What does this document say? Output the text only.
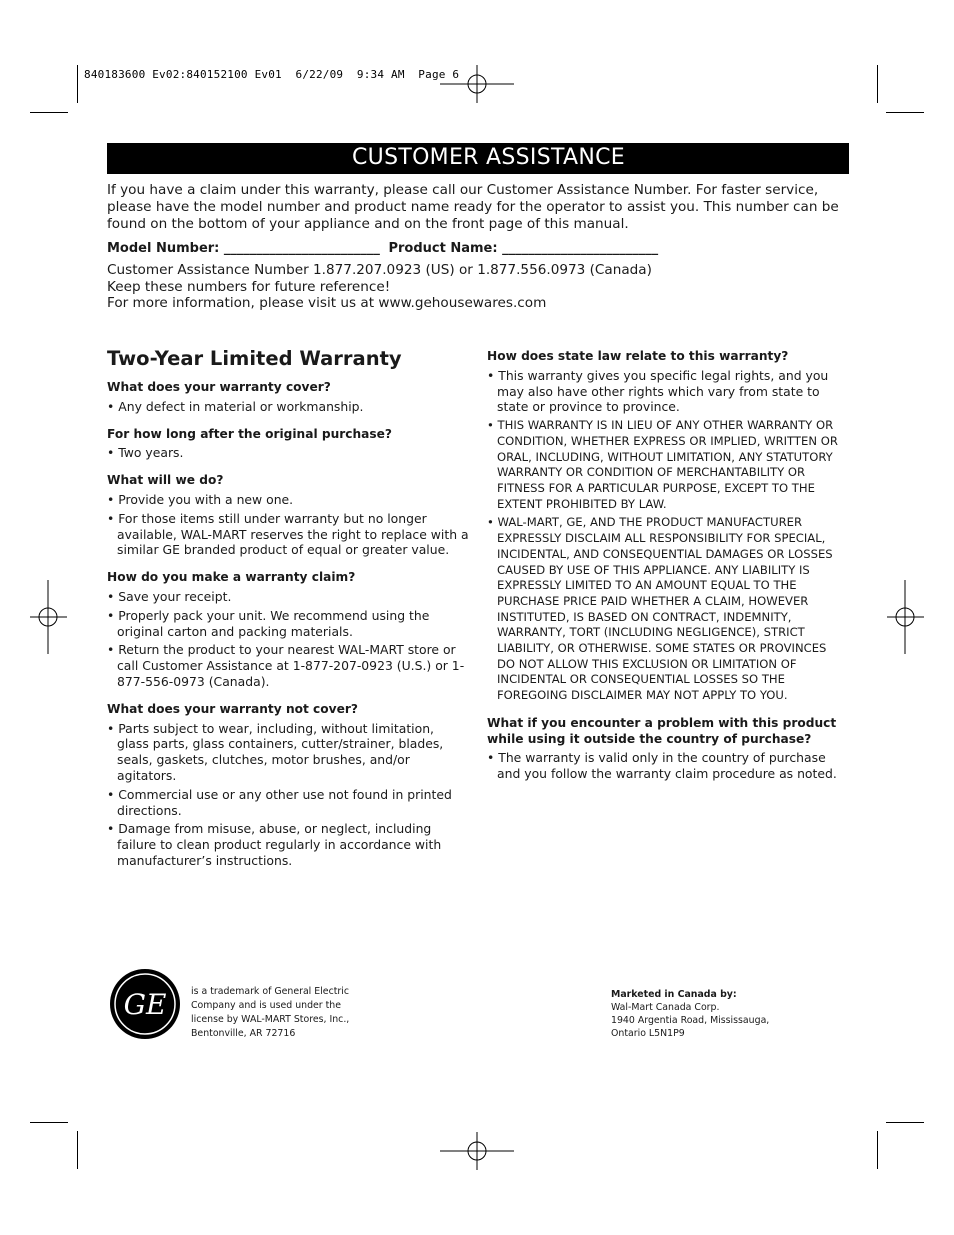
840183600 Ev02:840152100 Ev01  6/22/09  9:34 AM  Page 6
CUSTOMER ASSISTANCE
If you have a claim under this warranty, please call our Customer Assistance Number. For faster service, please have the model number and product name ready for the operator to assist you. This number can be found on the bottom of your appliance and on the front page of this manual.
Model Number: ________________________ Product Name: ________________________
Customer Assistance Number 1.877.207.0923 (US) or 1.877.556.0973 (Canada)
Keep these numbers for future reference!
For more information, please visit us at www.gehousewares.com
Two-Year Limited Warranty
What does your warranty cover?
• Any defect in material or workmanship.
For how long after the original purchase?
• Two years.
What will we do?
• Provide you with a new one.
• For those items still under warranty but no longer available, WAL-MART reserves the right to replace with a similar GE branded product of equal or greater value.
How do you make a warranty claim?
• Save your receipt.
• Properly pack your unit. We recommend using the original carton and packing materials.
• Return the product to your nearest WAL-MART store or call Customer Assistance at 1-877-207-0923 (U.S.) or 1-877-556-0973 (Canada).
What does your warranty not cover?
• Parts subject to wear, including, without limitation, glass parts, glass containers, cutter/strainer, blades, seals, gaskets, clutches, motor brushes, and/or agitators.
• Commercial use or any other use not found in printed directions.
• Damage from misuse, abuse, or neglect, including failure to clean product regularly in accordance with manufacturer’s instructions.
How does state law relate to this warranty?
• This warranty gives you specific legal rights, and you may also have other rights which vary from state to state or province to province.
• THIS WARRANTY IS IN LIEU OF ANY OTHER WARRANTY OR CONDITION, WHETHER EXPRESS OR IMPLIED, WRITTEN OR ORAL, INCLUDING, WITHOUT LIMITATION, ANY STATUTORY WARRANTY OR CONDITION OF MERCHANTABILITY OR FITNESS FOR A PARTICULAR PURPOSE, EXCEPT TO THE EXTENT PROHIBITED BY LAW.
• WAL-MART, GE, AND THE PRODUCT MANUFACTURER EXPRESSLY DISCLAIM ALL RESPONSIBILITY FOR SPECIAL, INCIDENTAL, AND CONSEQUENTIAL DAMAGES OR LOSSES CAUSED BY USE OF THIS APPLIANCE. ANY LIABILITY IS EXPRESSLY LIMITED TO AN AMOUNT EQUAL TO THE PURCHASE PRICE PAID WHETHER A CLAIM, HOWEVER INSTITUTED, IS BASED ON CONTRACT, INDEMNITY, WARRANTY, TORT (INCLUDING NEGLIGENCE), STRICT LIABILITY, OR OTHERWISE. SOME STATES OR PROVINCES DO NOT ALLOW THIS EXCLUSION OR LIMITATION OF INCIDENTAL OR CONSEQUENTIAL LOSSES SO THE FOREGOING DISCLAIMER MAY NOT APPLY TO YOU.
What if you encounter a problem with this product while using it outside the country of purchase?
• The warranty is valid only in the country of purchase and you follow the warranty claim procedure as noted.
GE	is a trademark of General Electric
Company and is used under the
license by WAL-MART Stores, Inc.,
Bentonville, AR 72716
Marketed in Canada by:
Wal-Mart Canada Corp.
1940 Argentia Road, Mississauga,
Ontario L5N1P9
